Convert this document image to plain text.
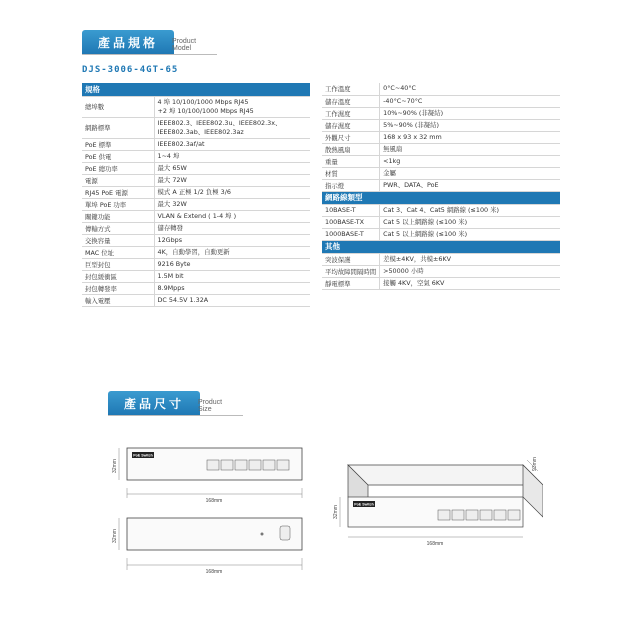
產品規格	Product Model
DJS-3006-4GT-65
規格	
總埠數	4 埠 10/100/1000 Mbps RJ45
+2 埠 10/100/1000 Mbps RJ45

網路標準	IEEE802.3、IEEE802.3u、IEEE802.3x、
IEEE802.3ab、IEEE802.3az

PoE 標準	IEEE802.3af/at

PoE 供電	1~4 埠

PoE 總功率	最大 65W

電源	最大 72W

RJ45 PoE 電源	模式 A 正極 1/2 負極 3/6

單埠 PoE 功率	最大 32W

關鍵功能	VLAN & Extend ( 1-4 埠 )

傳輸方式	儲存轉發

交換容量	12Gbps

MAC 位址	4K，自動學習，自動更新

巨型封包	9216 Byte

封包緩衝區	1.5M bit

封包轉發率	8.9Mpps

輸入電壓	DC 54.5V 1.32A
工作溫度	0°C~40°C

儲存溫度	-40°C~70°C

工作濕度	10%~90% (非凝結)

儲存濕度	5%~90% (非凝結)

外觀尺寸	168 x 93 x 32 mm

散熱風扇	無風扇

重量	<1kg

材質	金屬

指示燈	PWR、DATA、PoE

網路線類型	
10BASE-T	Cat 3、Cat 4、Cat5 網路線 (≤100 米)

100BASE-TX	Cat 5 以上網路線 (≤100 米)

1000BASE-T	Cat 5 以上網路線 (≤100 米)

其他	
突波保護	差模±4KV，共模±6KV

平均故障間隔時間	>50000 小時

靜電標準	接觸 4KV，空氣 6KV
產品尺寸	Product Size
PoE Switch
168mm
32mm
168mm
32mm
PoE Switch
168mm
32mm
93mm
